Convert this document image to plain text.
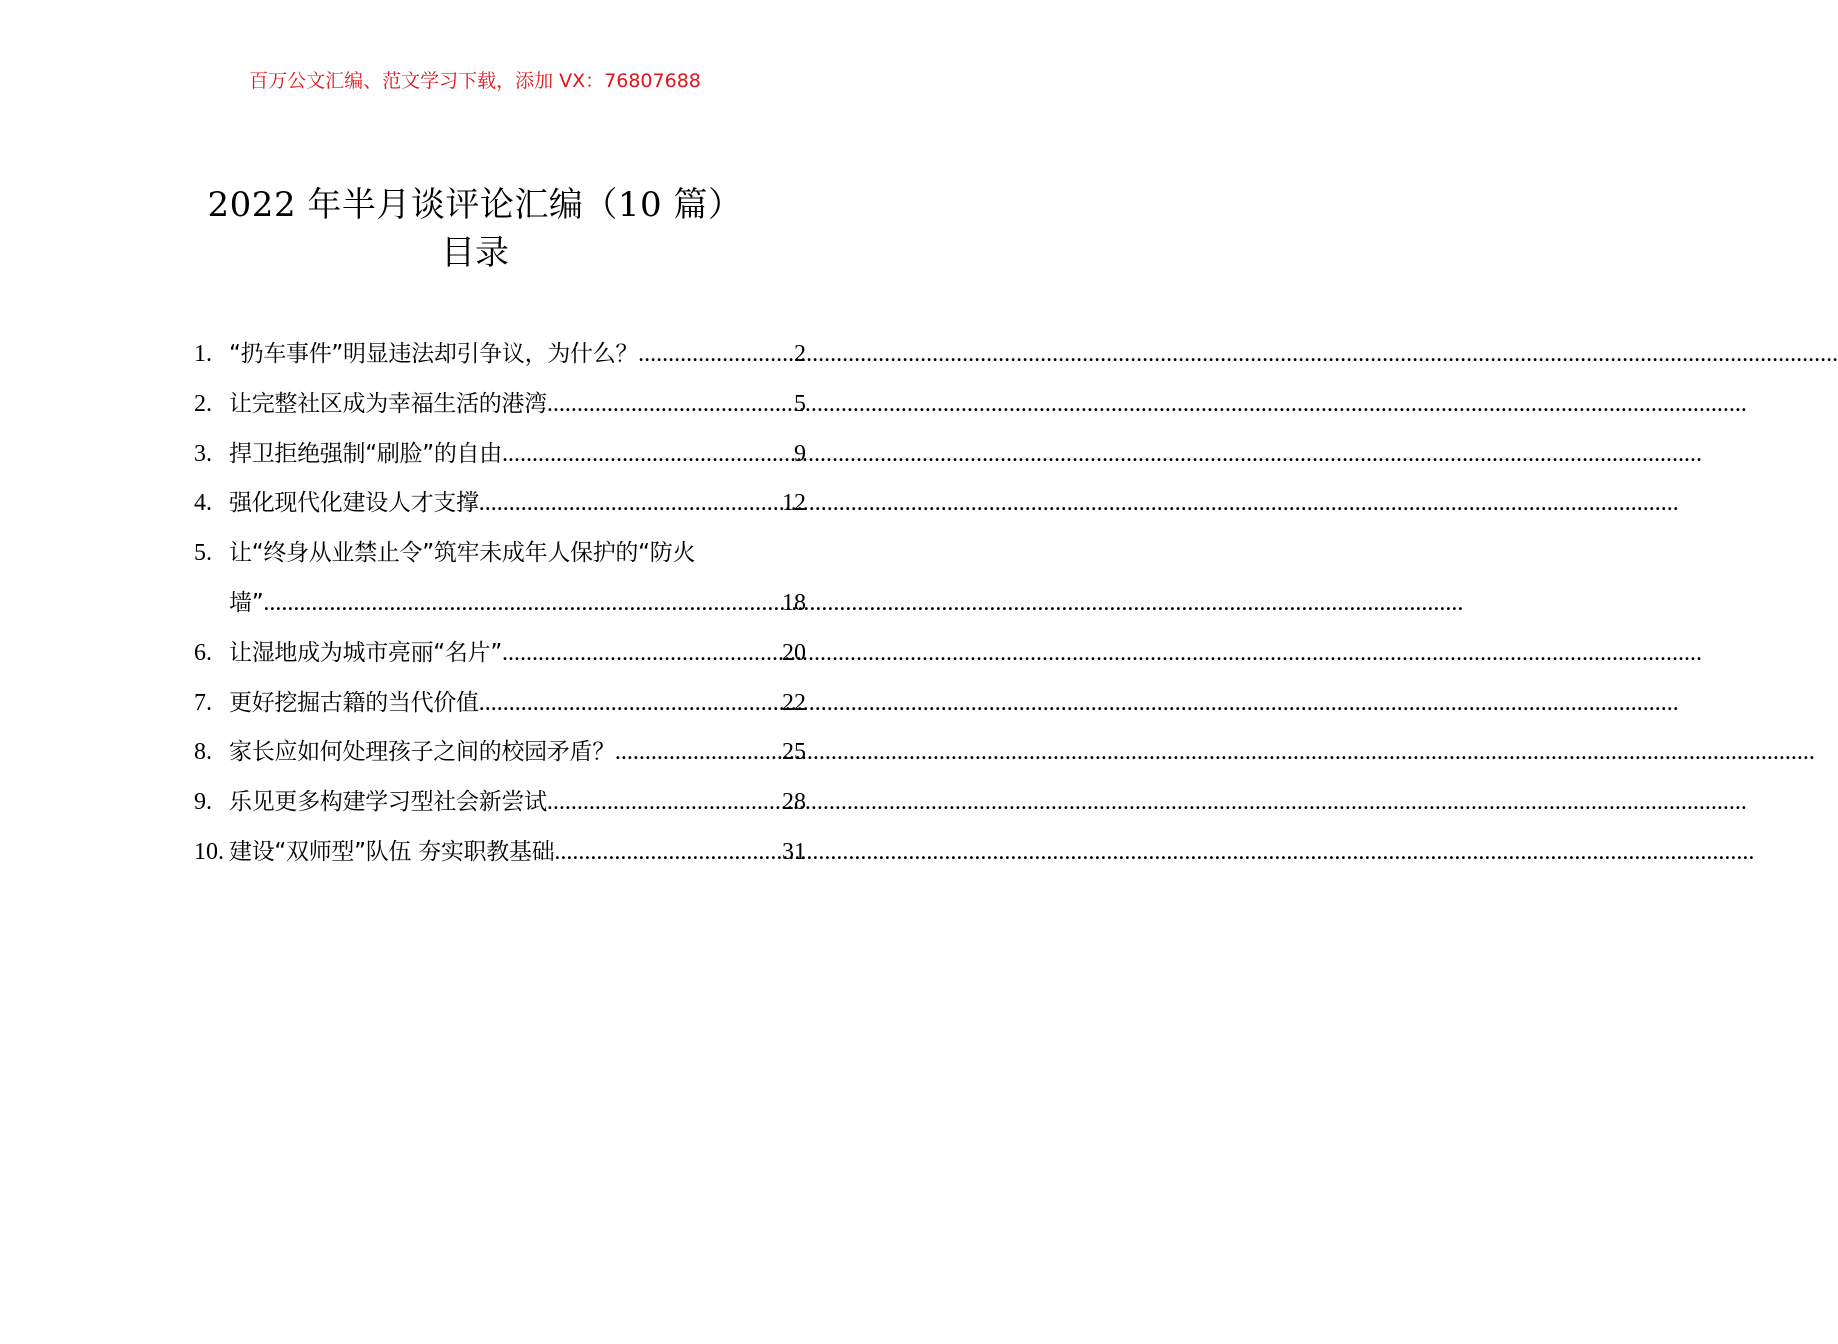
百万公文汇编、范文学习下载，添加 VX：76807688
2022 年半月谈评论汇编（10 篇）
目录
1. “扔车事件”明显违法却引争议，为什么？ .....	2
2. 让完整社区成为幸福生活的港湾 .....	5
3. 捍卫拒绝强制“刷脸”的自由 .....	9
4. 强化现代化建设人才支撑 .....	12
5. 让“终身从业禁止令”筑牢未成年人保护的“防火
墙” .....	18
6. 让湿地成为城市亮丽“名片” .....	20
7. 更好挖掘古籍的当代价值 .....	22
8. 家长应如何处理孩子之间的校园矛盾？ .....	25
9. 乐见更多构建学习型社会新尝试 .....	28
10. 建设“双师型”队伍 夯实职教基础 .....	31
